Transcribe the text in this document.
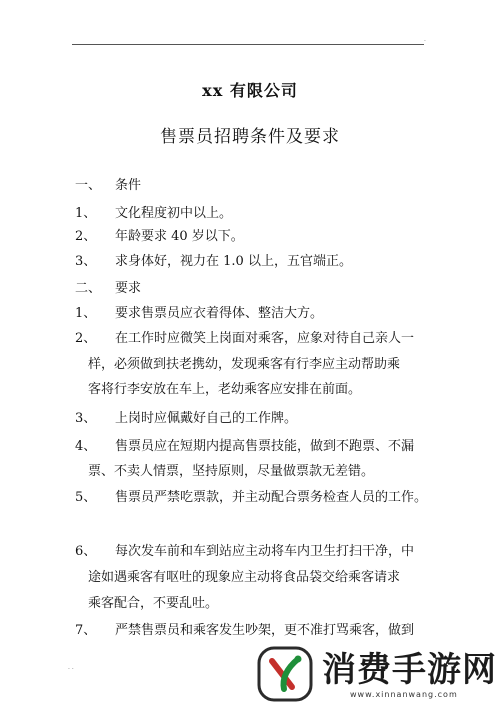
.
xx 有限公司
售票员招聘条件及要求
一、 条件
1、 文化程度初中以上。
2、 年龄要求 40 岁以下。
3、 求身体好，视力在 1.0 以上，五官端正。
二、 要求
1、 要求售票员应衣着得体、整洁大方。
2、 在工作时应微笑上岗面对乘客，应象对待自己亲人一
样，必须做到扶老携幼，发现乘客有行李应主动帮助乘
客将行李安放在车上，老幼乘客应安排在前面。
3、 上岗时应佩戴好自己的工作牌。
4、 售票员应在短期内提高售票技能，做到不跑票、不漏
票、不卖人情票，坚持原则，尽量做票款无差错。
5、 售票员严禁吃票款，并主动配合票务检查人员的工作。
6、 每次发车前和车到站应主动将车内卫生打扫干净，中
途如遇乘客有呕吐的现象应主动将食品袋交给乘客请求
乘客配合，不要乱吐。
7、 严禁售票员和乘客发生吵架，更不准打骂乘客，做到
. .	消费手游网
www.xinnanwang.com
